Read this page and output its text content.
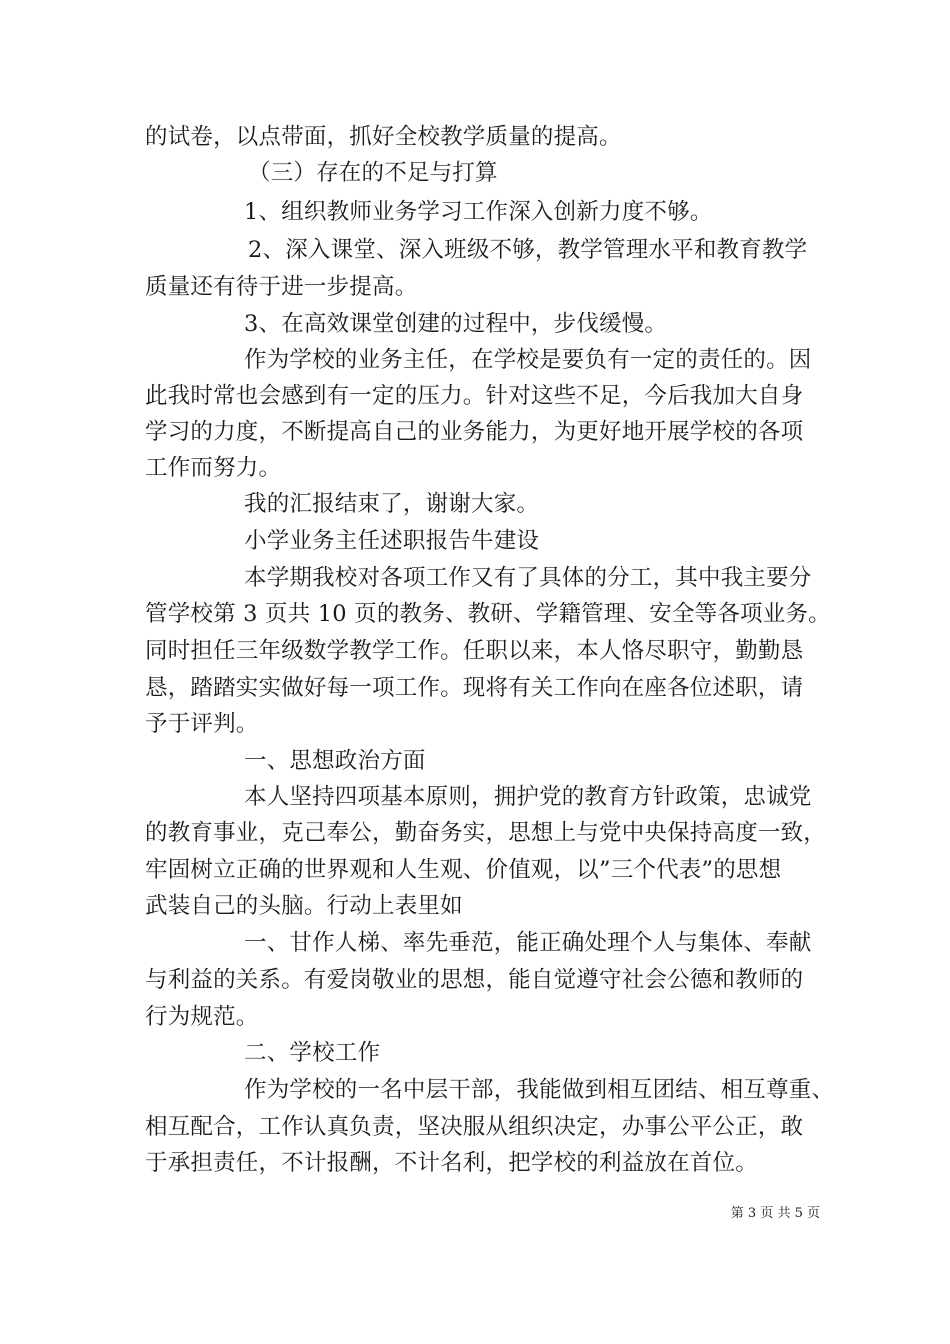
的试卷，以点带面，抓好全校教学质量的提高。
（三）存在的不足与打算
1、组织教师业务学习工作深入创新力度不够。
2、深入课堂、深入班级不够，教学管理水平和教育教学
质量还有待于进一步提高。
3、在高效课堂创建的过程中，步伐缓慢。
作为学校的业务主任，在学校是要负有一定的责任的。因
此我时常也会感到有一定的压力。针对这些不足，今后我加大自身
学习的力度，不断提高自己的业务能力，为更好地开展学校的各项
工作而努力。
我的汇报结束了，谢谢大家。
小学业务主任述职报告牛建设
本学期我校对各项工作又有了具体的分工，其中我主要分
管学校第 3 页共 10 页的教务、教研、学籍管理、安全等各项业务。
同时担任三年级数学教学工作。任职以来，本人恪尽职守，勤勤恳
恳，踏踏实实做好每一项工作。现将有关工作向在座各位述职，请
予于评判。
一、思想政治方面
本人坚持四项基本原则，拥护党的教育方针政策，忠诚党
的教育事业，克己奉公，勤奋务实，思想上与党中央保持高度一致，
牢固树立正确的世界观和人生观、价值观，以”三个代表”的思想
武装自己的头脑。行动上表里如
一、甘作人梯、率先垂范，能正确处理个人与集体、奉献
与利益的关系。有爱岗敬业的思想，能自觉遵守社会公德和教师的
行为规范。
二、学校工作
作为学校的一名中层干部，我能做到相互团结、相互尊重、
相互配合，工作认真负责，坚决服从组织决定，办事公平公正，敢
于承担责任，不计报酬，不计名利，把学校的利益放在首位。
第 3 页 共 5 页
